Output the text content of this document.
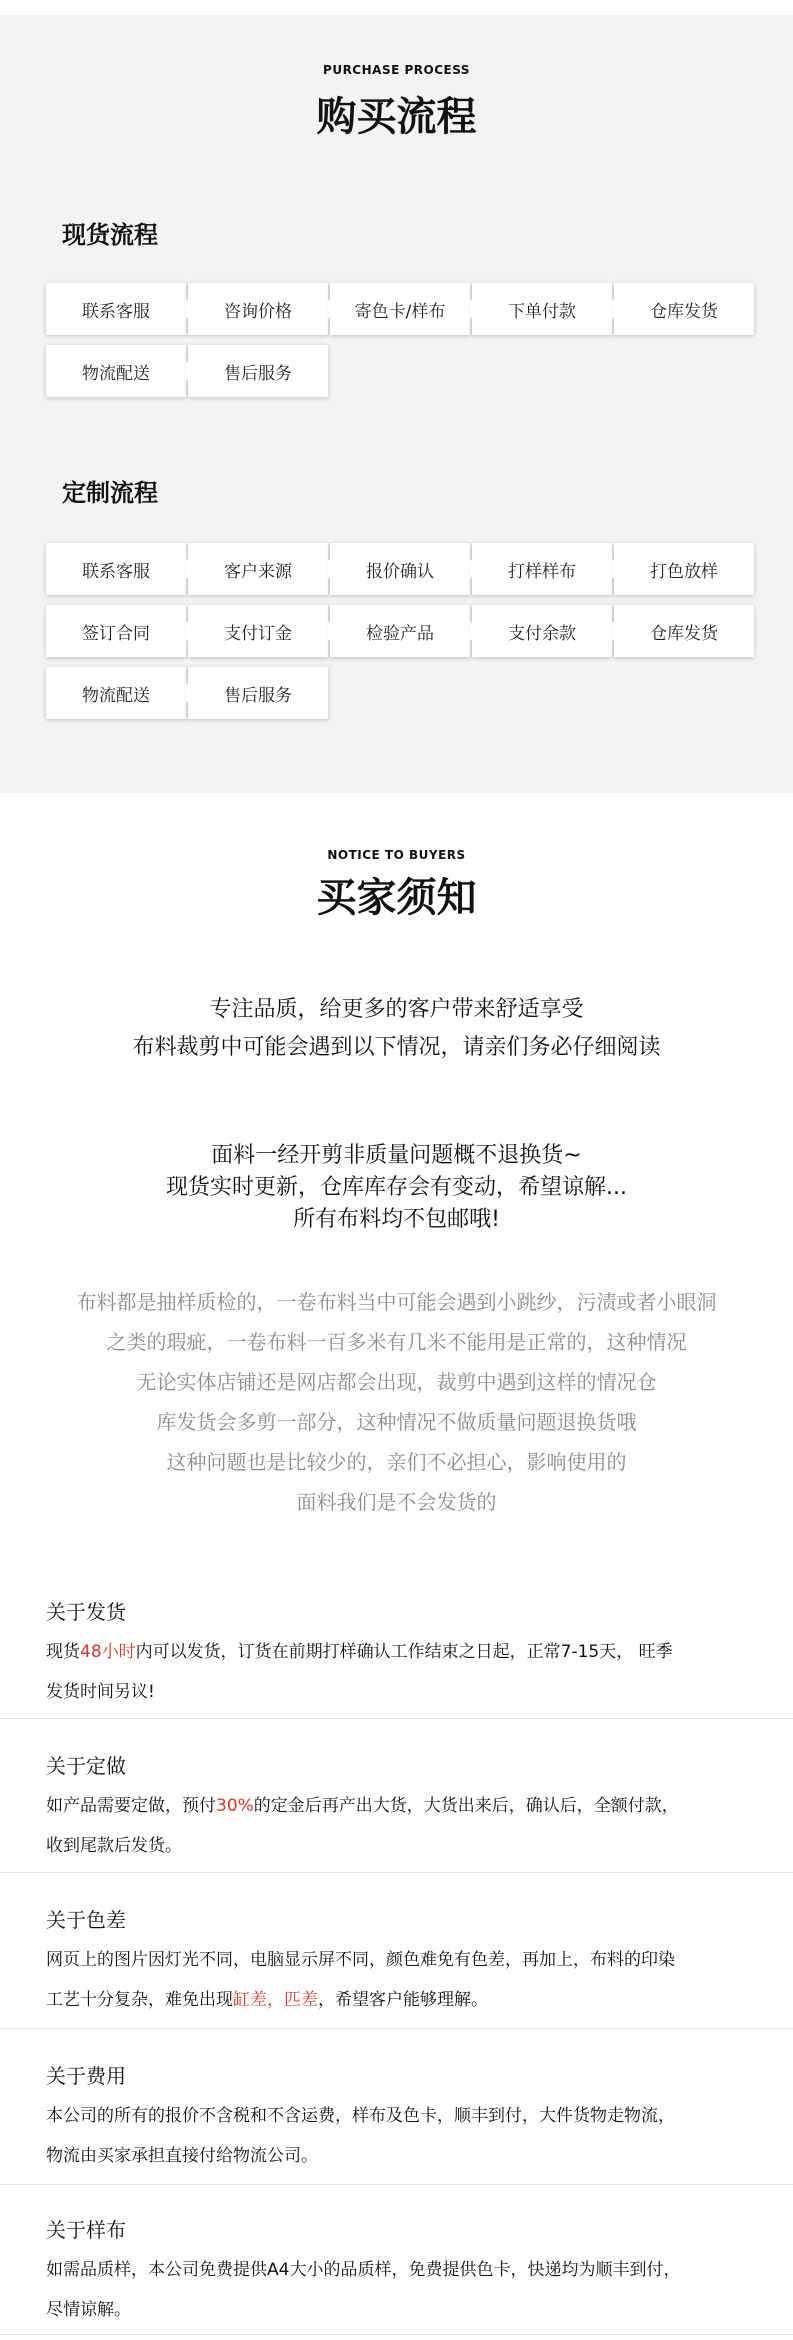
PURCHASE PROCESS
购买流程
现货流程
联系客服	咨询价格	寄色卡/样布	下单付款	仓库发货
物流配送	售后服务
定制流程
联系客服	客户来源	报价确认	打样样布	打色放样
签订合同	支付订金	检验产品	支付余款	仓库发货
物流配送	售后服务
NOTICE TO BUYERS
买家须知
专注品质，给更多的客户带来舒适享受
布料裁剪中可能会遇到以下情况，请亲们务必仔细阅读
面料一经开剪非质量问题概不退换货~
现货实时更新，仓库库存会有变动，希望谅解...
所有布料均不包邮哦!
布料都是抽样质检的，一卷布料当中可能会遇到小跳纱，污渍或者小眼洞
之类的瑕疵，一卷布料一百多米有几米不能用是正常的，这种情况
无论实体店铺还是网店都会出现，裁剪中遇到这样的情况仓
库发货会多剪一部分，这种情况不做质量问题退换货哦
这种问题也是比较少的，亲们不必担心，影响使用的
面料我们是不会发货的
关于发货
现货48小时内可以发货，订货在前期打样确认工作结束之日起，正常7-15天， 旺季
发货时间另议!
关于定做
如产品需要定做，预付30%的定金后再产出大货，大货出来后，确认后，全额付款，
收到尾款后发货。
关于色差
网页上的图片因灯光不同，电脑显示屏不同，颜色难免有色差，再加上，布料的印染
工艺十分复杂，难免出现缸差，匹差，希望客户能够理解。
关于费用
本公司的所有的报价不含税和不含运费，样布及色卡，顺丰到付，大件货物走物流，
物流由买家承担直接付给物流公司。
关于样布
如需品质样，本公司免费提供A4大小的品质样，免费提供色卡，快递均为顺丰到付，
尽情谅解。
